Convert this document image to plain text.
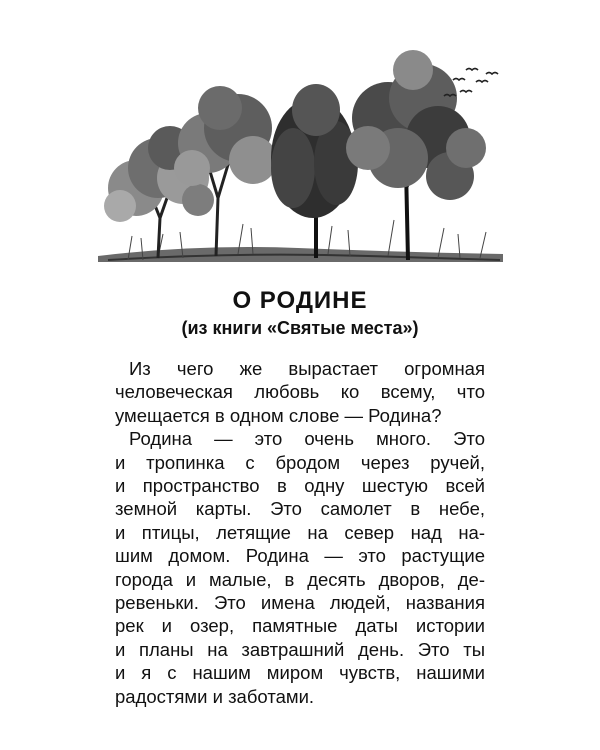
О РОДИНЕ
(из книги «Святые места»)
Из чего же вырастает огромная
человеческая любовь ко всему, что
умещается в одном слове — Родина?
Родина — это очень много. Это
и тропинка с бродом через ручей,
и пространство в одну шестую всей
земной карты. Это самолет в небе,
и птицы, летящие на север над на-
шим домом. Родина — это растущие
города и малые, в десять дворов, де-
ревеньки. Это имена людей, названия
рек и озер, памятные даты истории
и планы на завтрашний день. Это ты
и я с нашим миром чувств, нашими
радостями и заботами.
